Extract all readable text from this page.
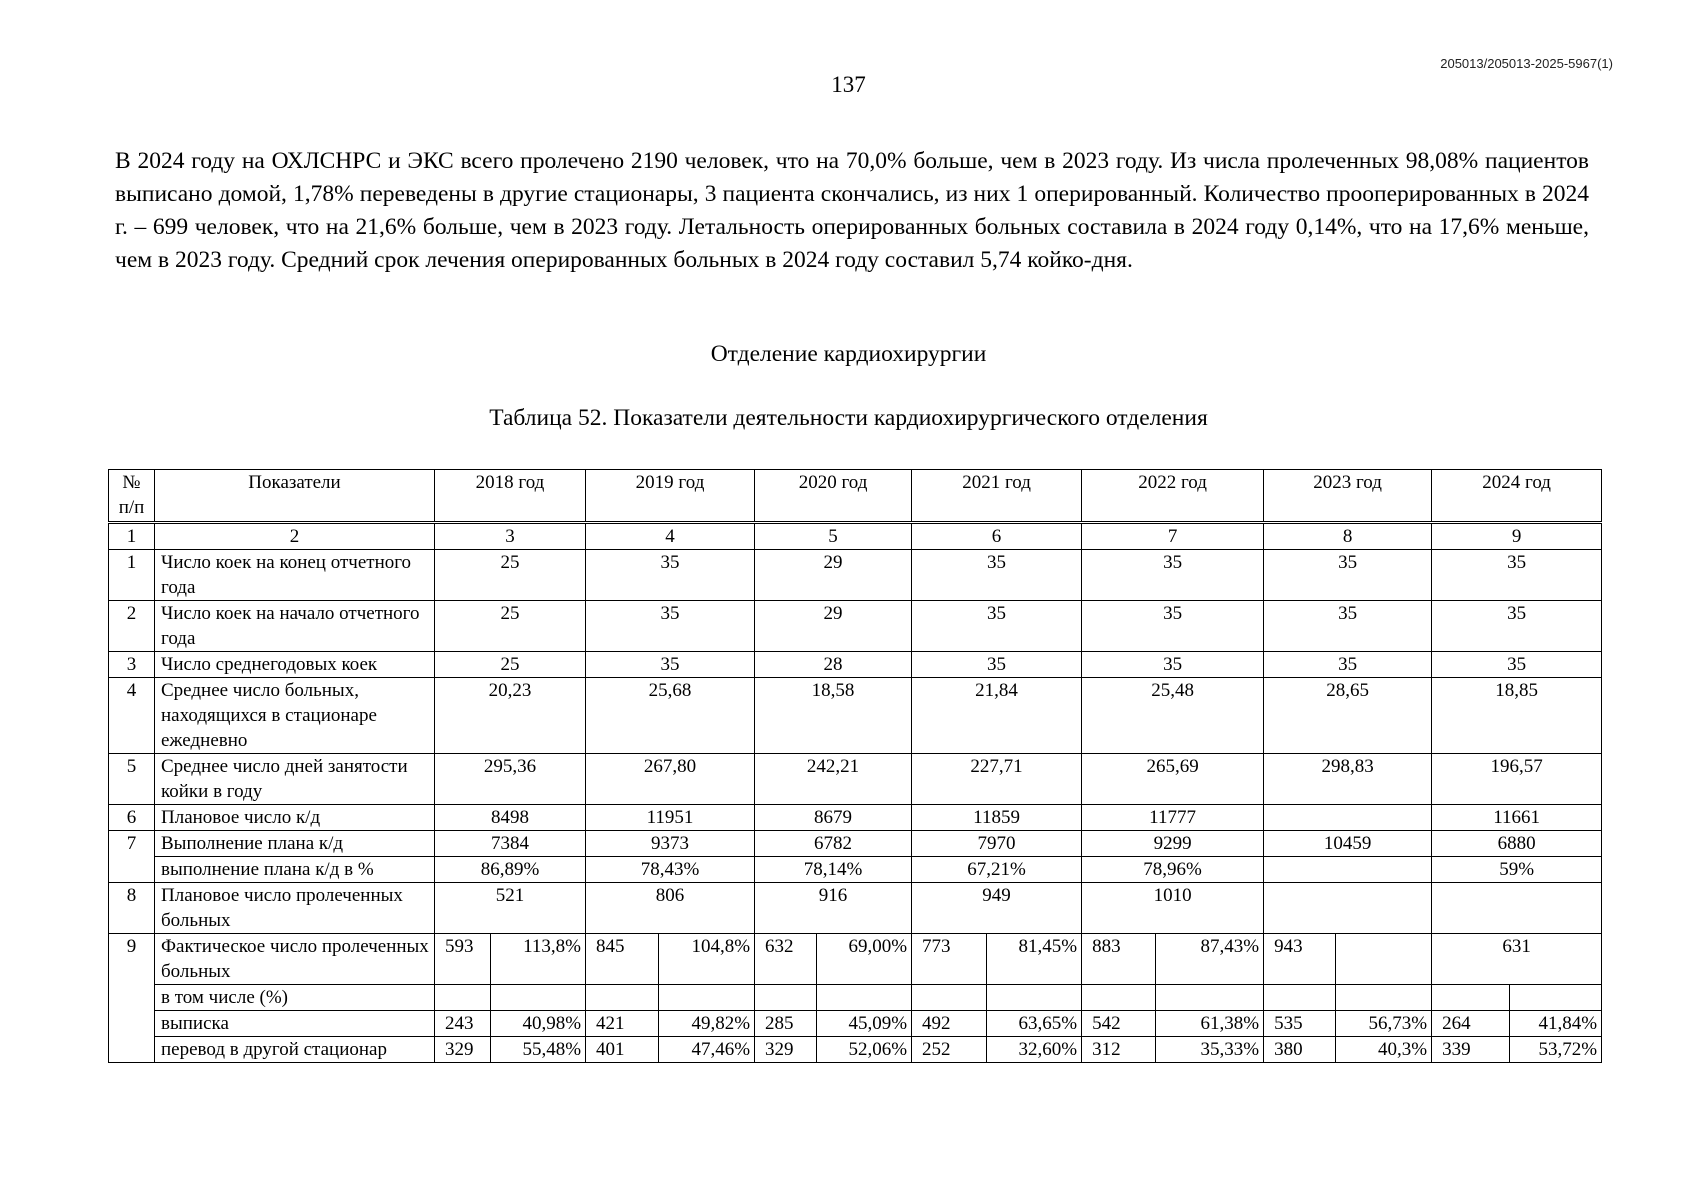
205013/205013-2025-5967(1)
137

В 2024 году на ОХЛСНРС и ЭКС всего пролечено 2190 человек, что на 70,0% больше, чем в 2023 году. Из числа пролеченных 98,08% пациентов выписано домой, 1,78% переведены в другие стационары, 3 пациента скончались, из них 1 оперированный. Количество прооперированных в 2024 г. – 699 человек, что на 21,6% больше, чем в 2023 году. Летальность оперированных больных составила в 2024 году 0,14%, что на 17,6% меньше, чем в 2023 году. Средний срок лечения оперированных больных в 2024 году составил 5,74 койко-дня.

Отделение кардиохирургии
Таблица 52. Показатели деятельности кардиохирургического отделения
№ п/п	Показатели	2018 год		2019 год		2020 год		2021 год		2022 год		2023 год		2024 год	
1	2	3		4		5		6		7		8		9	
1	Число коек на конец отчетного года	25		35		29		35		35		35		35	
2	Число коек на начало отчетного года	25		35		29		35		35		35		35	
3	Число среднегодовых коек	25		35		28		35		35		35		35	
4	Среднее число больных, находящихся в стационаре ежедневно	20,23		25,68		18,58		21,84		25,48		28,65		18,85	
5	Среднее число дней занятости койки в году	295,36		267,80		242,21		227,71		265,69		298,83		196,57	
6	Плановое число к/д	8498		11951		8679		11859		11777				11661	
7	Выполнение плана к/д	7384		9373		6782		7970		9299		10459		6880	
	выполнение плана к/д в %	86,89%		78,43%		78,14%		67,21%		78,96%				59%	
8	Плановое число пролеченных больных	521		806		916		949		1010					
9	Фактическое число пролеченных больных	593	113,8%	845	104,8%	632	69,00%	773	81,45%	883	87,43%	943		631	
	в том числе (%)														
	выписка	243	40,98%	421	49,82%	285	45,09%	492	63,65%	542	61,38%	535	56,73%	264	41,84%
	перевод в другой стационар	329	55,48%	401	47,46%	329	52,06%	252	32,60%	312	35,33%	380	40,3%	339	53,72%
